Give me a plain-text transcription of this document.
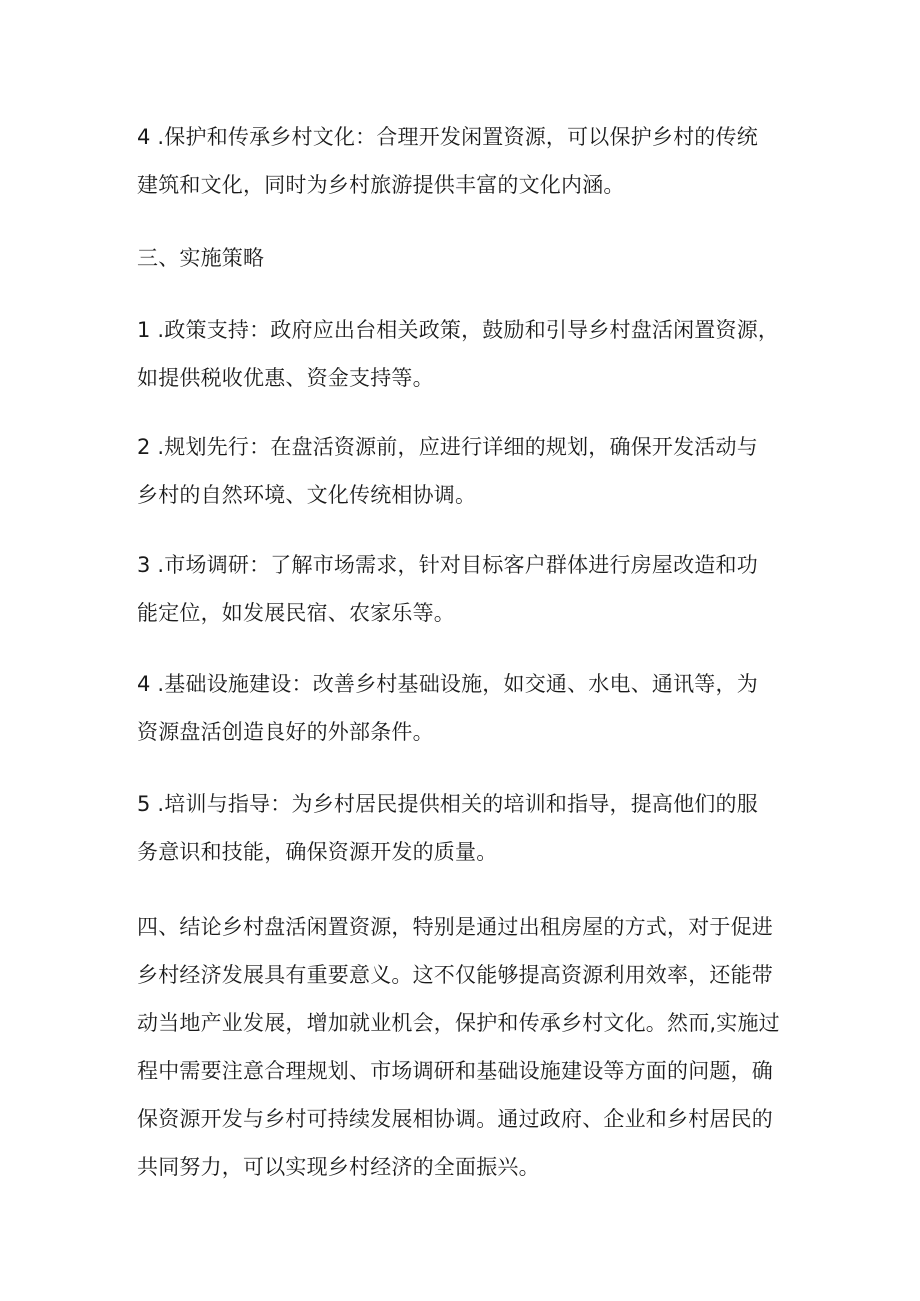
4 .保护和传承乡村文化：合理开发闲置资源，可以保护乡村的传统
建筑和文化，同时为乡村旅游提供丰富的文化内涵。

三、实施策略

1 .政策支持：政府应出台相关政策，鼓励和引导乡村盘活闲置资源，
如提供税收优惠、资金支持等。

2 .规划先行：在盘活资源前，应进行详细的规划，确保开发活动与
乡村的自然环境、文化传统相协调。

3 .市场调研：了解市场需求，针对目标客户群体进行房屋改造和功
能定位，如发展民宿、农家乐等。

4 .基础设施建设：改善乡村基础设施，如交通、水电、通讯等，为
资源盘活创造良好的外部条件。

5 .培训与指导：为乡村居民提供相关的培训和指导，提高他们的服
务意识和技能，确保资源开发的质量。

四、结论乡村盘活闲置资源，特别是通过出租房屋的方式，对于促进
乡村经济发展具有重要意义。这不仅能够提高资源利用效率，还能带
动当地产业发展，增加就业机会，保护和传承乡村文化。然而,实施过
程中需要注意合理规划、市场调研和基础设施建设等方面的问题，确
保资源开发与乡村可持续发展相协调。通过政府、企业和乡村居民的
共同努力，可以实现乡村经济的全面振兴。
